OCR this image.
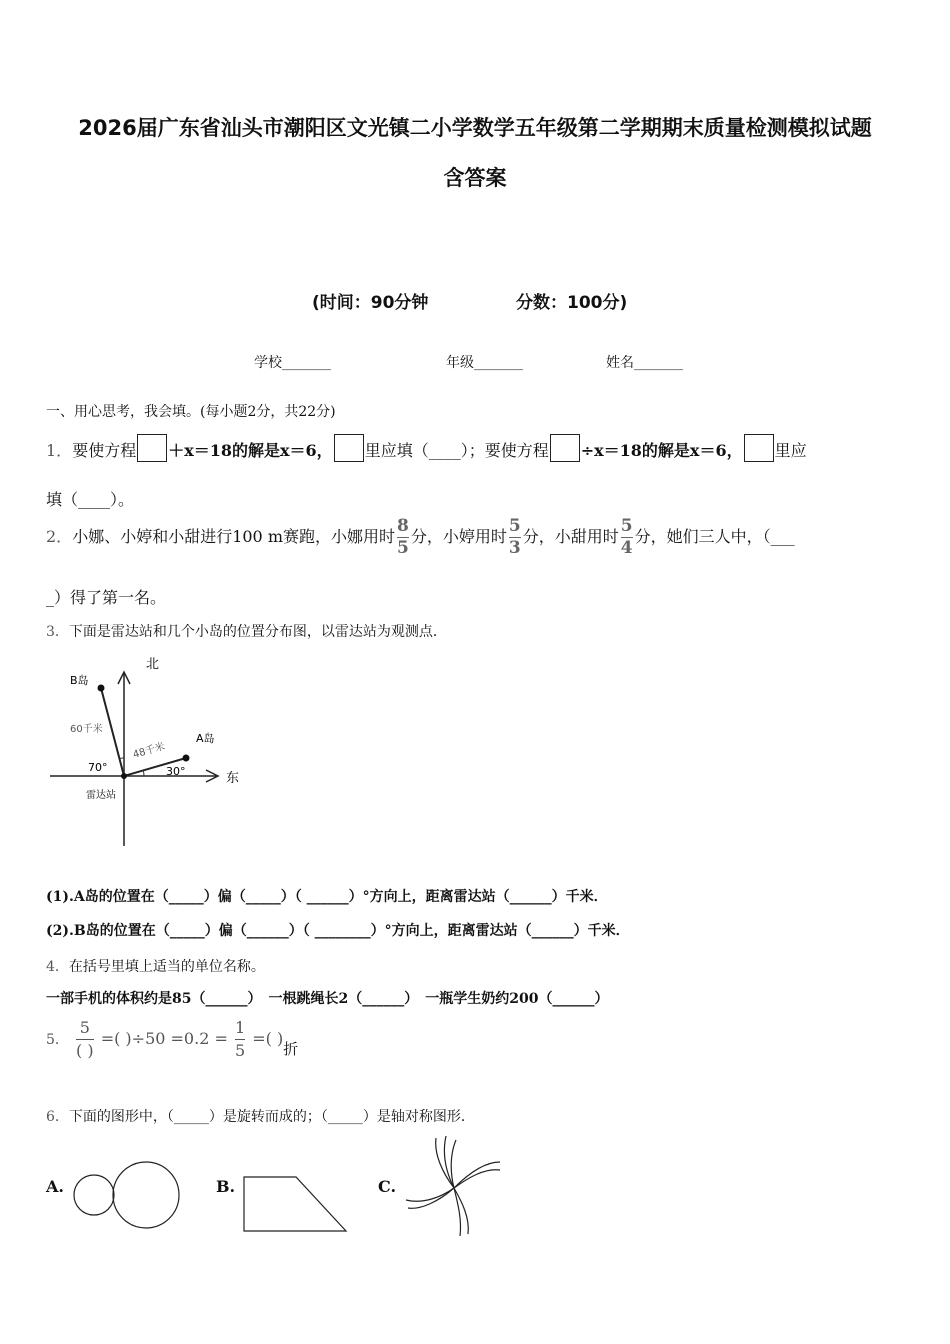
2026届广东省汕头市潮阳区文光镇二小学数学五年级第二学期期末质量检测模拟试题
含答案
(时间：90分钟	分数：100分)
学校_______	年级_______	姓名_______
一、用心思考，我会填。(每小题2分，共22分)
1．要使方程 ＋x＝18的解是x＝6， 里应填（____）；要使方程 ÷x＝18的解是x＝6， 里应
填（____）。
2．小娜、小婷和小甜进行100 m赛跑，小娜用时 $\frac{8}{5}$ 分，小婷用时 $\frac{5}{3}$ 分，小甜用时 $\frac{5}{4}$ 分，她们三人中，（___
_）得了第一名。
3．下面是雷达站和几个小岛的位置分布图，以雷达站为观测点．
北
东
B岛
A岛
60千米
48千米
70°	30°
雷达站
(1).A岛的位置在（_____）偏（_____）（ ______）°方向上，距离雷达站（______）千米．
(2).B岛的位置在（_____）偏（______）（ ________）°方向上，距离雷达站（______）千米．
4．在括号里填上适当的单位名称。
一部手机的体积约是85（______）　一根跳绳长2（______）　一瓶学生奶约200（______）
5． $\frac{5}{( )}$ =( )$\div 50 =0.2 = \frac{1}{5}$ =( )折
6．下面的图形中，（_____）是旋转而成的；（_____）是轴对称图形．
A.	B.	C.
